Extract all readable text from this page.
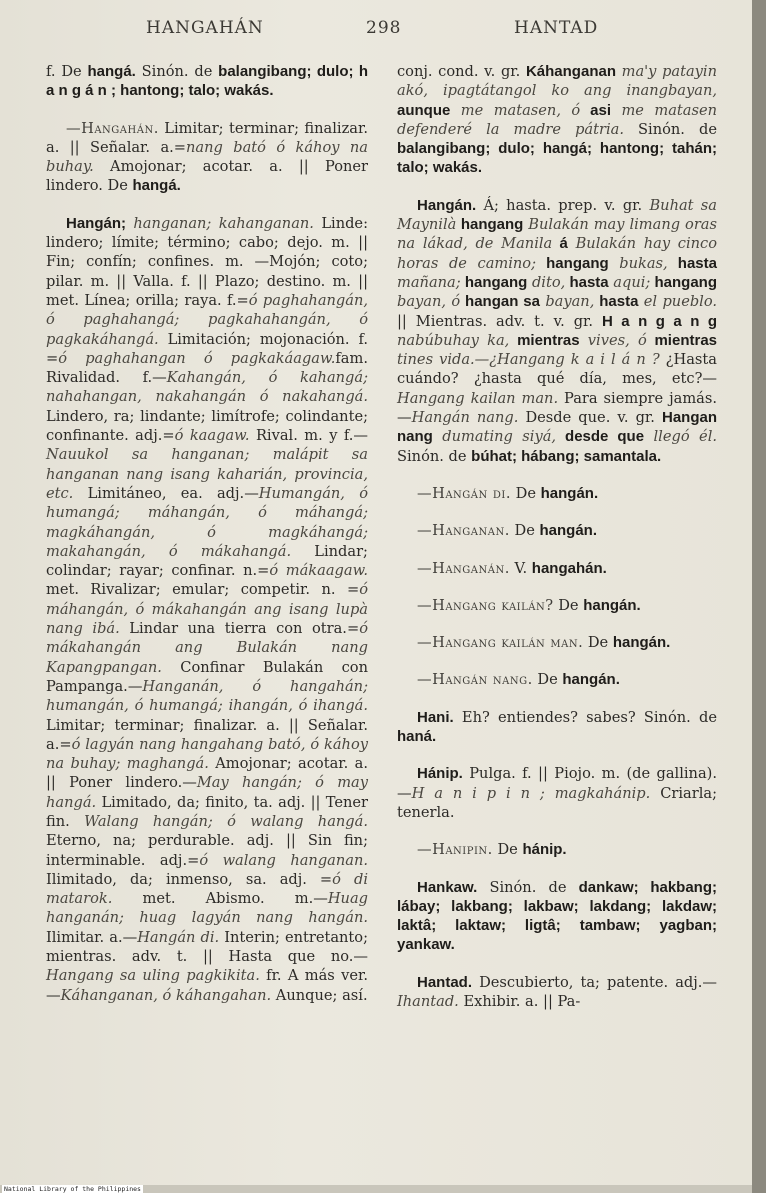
HANGAHÁN	298	HANTAD

f. De hangá. Sinón. de balangibang; dulo; h a n g á n ; hantong; talo; wakás.

—Hangahán. Limitar; terminar; finalizar. a. || Señalar. a.=nang bató ó káhoy na buhay. Amojonar; acotar. a. || Poner lindero. De hangá.

Hangán; hanganan; kahanganan. Linde: lindero; límite; término; cabo; dejo. m. || Fin; confín; confines. m. —Mojón; coto; pilar. m. || Valla. f. || Plazo; destino. m. || met. Línea; orilla; raya. f.=ó paghahangán, ó paghahangá; pagkahahangán, ó pagkakáhangá. Limitación; mojonación. f. =ó paghahangan ó pagkakáagaw.fam. Rivalidad. f.—Kahangán, ó kahangá; nahahangan, nakahangán ó nakahangá. Lindero, ra; lindante; limítrofe; colindante; confinante. adj.=ó kaagaw. Rival. m. y f.—Nauukol sa hanganan; malápit sa hanganan nang isang kaharián, provincia, etc. Limitáneo, ea. adj.—Humangán, ó humangá; máhangán, ó máhangá; magkáhangán, ó magkáhangá; makahangán, ó mákahangá. Lindar; colindar; rayar; confinar. n.=ó mákaagaw. met. Rivalizar; emular; competir. n. =ó máhangán, ó mákahangán ang isang lupà nang ibá. Lindar una tierra con otra.=ó mákahangán ang Bulakán nang Kapangpangan. Confinar Bulakán con Pampanga.—Hanganán, ó hangahán; humangán, ó humangá; ihangán, ó ihangá. Limitar; terminar; finalizar. a. || Señalar. a.=ó lagyán nang hangahang bató, ó káhoy na buhay; maghangá. Amojonar; acotar. a. || Poner lindero.—May hangán; ó may hangá. Limitado, da; finito, ta. adj. || Tener fin. Walang hangán; ó walang hangá. Eterno, na; perdurable. adj. || Sin fin; interminable. adj.=ó walang hanganan. Ilimitado, da; inmenso, sa. adj. =ó di matarok. met. Abismo. m.—Huag hanganán; huag lagyán nang hangán. Ilimitar. a.—Hangán di. Interin; entretanto; mientras. adv. t. || Hasta que no.—Hangang sa uling pagkikita. fr. A más ver.—Káhanganan, ó káhangahan. Aunque; así.

conj. cond. v. gr. Káhanganan ma'y patayin akó, ipagtátangol ko ang inangbayan, aunque me matasen, ó asi me matasen defenderé la madre pátria. Sinón. de balangibang; dulo; hangá; hantong; tahán; talo; wakás.

Hangán. Á; hasta. prep. v. gr. Buhat sa Maynilà hangang Bulakán may limang oras na lákad, de Manila á Bulakán hay cinco horas de camino; hangang bukas, hasta mañana; hangang dito, hasta aqui; hangang bayan, ó hangan sa bayan, hasta el pueblo. || Mientras. adv. t. v. gr. H a n g a n g nabúbuhay ka, mientras vives, ó mientras tines vida.—¿Hangang k a i l á n ? ¿Hasta cuándo? ¿hasta qué día, mes, etc?—Hangang kailan man. Para siempre jamás.—Hangán nang. Desde que. v. gr. Hangan nang dumating siyá, desde que llegó él. Sinón. de búhat; hábang; samantala.

—Hangán di. De hangán.

—Hanganan. De hangán.

—Hanganán. V. hangahán.

—Hangang kailán? De hangán.

—Hangang kailán man. De hangán.

—Hangán nang. De hangán.

Hani. Eh? entiendes? sabes? Sinón. de haná.

Hánip. Pulga. f. || Piojo. m. (de gallina).—H a n i p i n ; magkahánip. Criarla; tenerla.

—Hanipin. De hánip.

Hankaw. Sinón. de dankaw; hakbang; lábay; lakbang; lakbaw; lakdang; lakdaw; laktâ; laktaw; ligtâ; tambaw; yagban; yankaw.

Hantad. Descubierto, ta; patente. adj.—Ihantad. Exhibir. a. || Pa-

National Library of the Philippines
